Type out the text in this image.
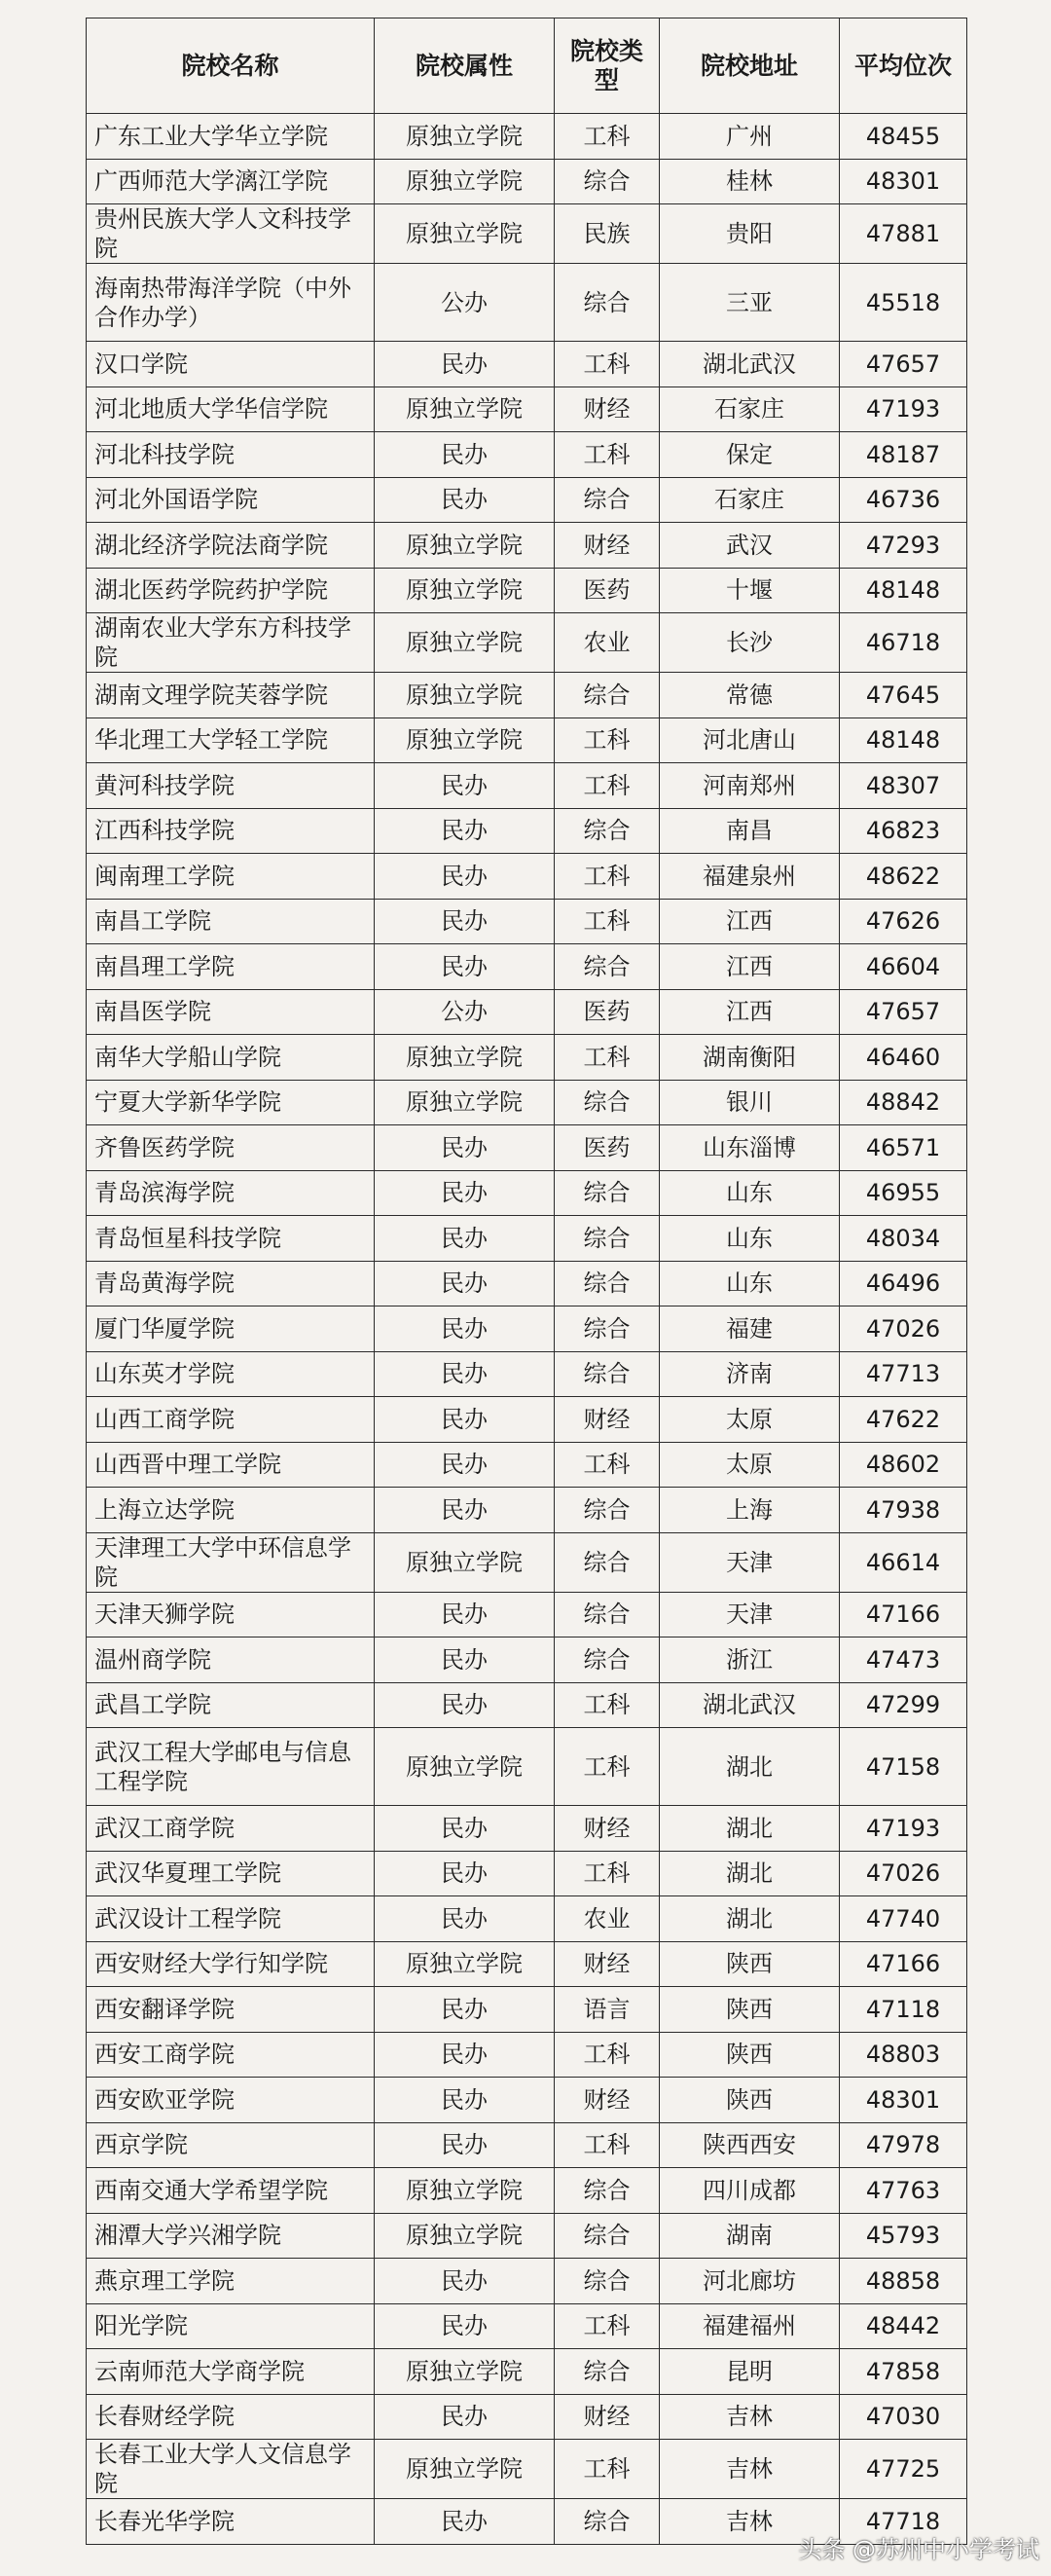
院校名称	院校属性	院校类型	院校地址	平均位次
广东工业大学华立学院	原独立学院	工科	广州	48455
广西师范大学漓江学院	原独立学院	综合	桂林	48301
贵州民族大学人文科技学院	原独立学院	民族	贵阳	47881
海南热带海洋学院（中外合作办学）	公办	综合	三亚	45518
汉口学院	民办	工科	湖北武汉	47657
河北地质大学华信学院	原独立学院	财经	石家庄	47193
河北科技学院	民办	工科	保定	48187
河北外国语学院	民办	综合	石家庄	46736
湖北经济学院法商学院	原独立学院	财经	武汉	47293
湖北医药学院药护学院	原独立学院	医药	十堰	48148
湖南农业大学东方科技学院	原独立学院	农业	长沙	46718
湖南文理学院芙蓉学院	原独立学院	综合	常德	47645
华北理工大学轻工学院	原独立学院	工科	河北唐山	48148
黄河科技学院	民办	工科	河南郑州	48307
江西科技学院	民办	综合	南昌	46823
闽南理工学院	民办	工科	福建泉州	48622
南昌工学院	民办	工科	江西	47626
南昌理工学院	民办	综合	江西	46604
南昌医学院	公办	医药	江西	47657
南华大学船山学院	原独立学院	工科	湖南衡阳	46460
宁夏大学新华学院	原独立学院	综合	银川	48842
齐鲁医药学院	民办	医药	山东淄博	46571
青岛滨海学院	民办	综合	山东	46955
青岛恒星科技学院	民办	综合	山东	48034
青岛黄海学院	民办	综合	山东	46496
厦门华厦学院	民办	综合	福建	47026
山东英才学院	民办	综合	济南	47713
山西工商学院	民办	财经	太原	47622
山西晋中理工学院	民办	工科	太原	48602
上海立达学院	民办	综合	上海	47938
天津理工大学中环信息学院	原独立学院	综合	天津	46614
天津天狮学院	民办	综合	天津	47166
温州商学院	民办	综合	浙江	47473
武昌工学院	民办	工科	湖北武汉	47299
武汉工程大学邮电与信息工程学院	原独立学院	工科	湖北	47158
武汉工商学院	民办	财经	湖北	47193
武汉华夏理工学院	民办	工科	湖北	47026
武汉设计工程学院	民办	农业	湖北	47740
西安财经大学行知学院	原独立学院	财经	陕西	47166
西安翻译学院	民办	语言	陕西	47118
西安工商学院	民办	工科	陕西	48803
西安欧亚学院	民办	财经	陕西	48301
西京学院	民办	工科	陕西西安	47978
西南交通大学希望学院	原独立学院	综合	四川成都	47763
湘潭大学兴湘学院	原独立学院	综合	湖南	45793
燕京理工学院	民办	综合	河北廊坊	48858
阳光学院	民办	工科	福建福州	48442
云南师范大学商学院	原独立学院	综合	昆明	47858
长春财经学院	民办	财经	吉林	47030
长春工业大学人文信息学院	原独立学院	工科	吉林	47725
长春光华学院	民办	综合	吉林	47718
头条 @苏州中小学考试
